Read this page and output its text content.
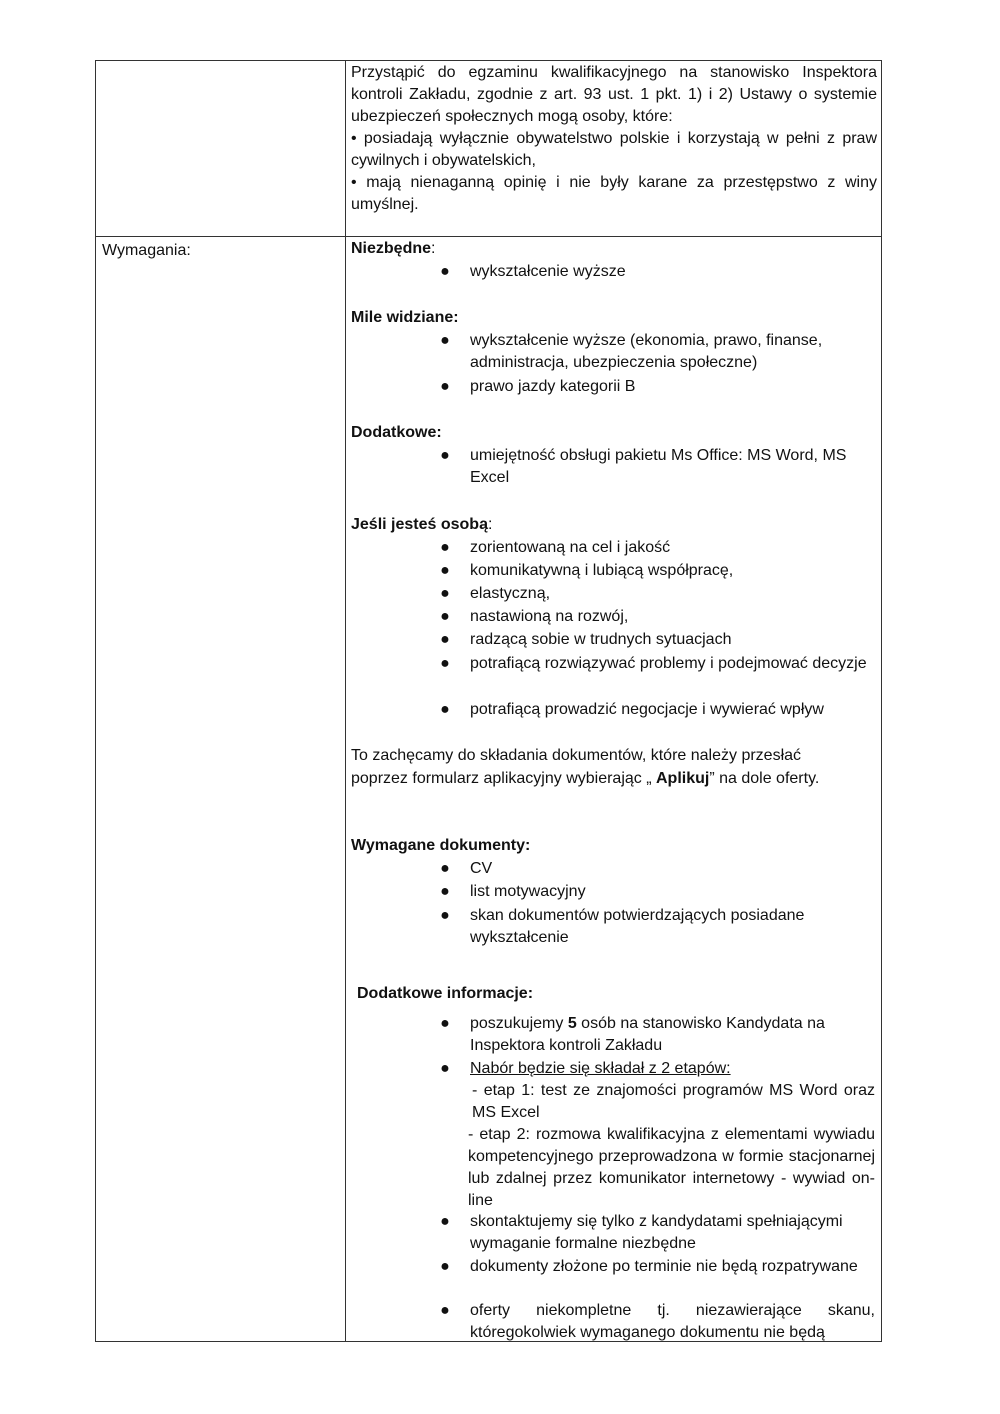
Przystąpić do egzaminu kwalifikacyjnego na stanowisko Inspektora kontroli Zakładu, zgodnie z art. 93 ust. 1 pkt. 1) i 2) Ustawy o systemie ubezpieczeń społecznych mogą osoby, które:
• posiadają wyłącznie obywatelstwo polskie i korzystają w pełni z praw cywilnych i obywatelskich,
• mają nienaganną opinię i nie były karane za przestępstwo z winy umyślnej.
Wymagania:	Niezbędne:
● wykształcenie wyższe
Mile widziane:
● wykształcenie wyższe (ekonomia, prawo, finanse, administracja, ubezpieczenia społeczne)
● prawo jazdy kategorii B
Dodatkowe:
● umiejętność obsługi pakietu Ms Office: MS Word, MS Excel
Jeśli jesteś osobą:
● zorientowaną na cel i jakość
● komunikatywną i lubiącą współpracę,
● elastyczną,
● nastawioną na rozwój,
● radzącą sobie w trudnych sytuacjach
● potrafiącą rozwiązywać problemy i podejmować decyzje
● potrafiącą prowadzić negocjacje i wywierać wpływ
To zachęcamy do składania dokumentów, które należy przesłać
poprzez formularz aplikacyjny wybierając „ Aplikuj” na dole oferty.
Wymagane dokumenty:
● CV
● list motywacyjny
● skan dokumentów potwierdzających posiadane wykształcenie
Dodatkowe informacje:
● poszukujemy 5 osób na stanowisko Kandydata na Inspektora kontroli Zakładu
● Nabór będzie się składał z 2 etapów:
- etap 1: test ze znajomości programów MS Word oraz MS Excel
- etap 2: rozmowa kwalifikacyjna z elementami wywiadu kompetencyjnego przeprowadzona w formie stacjonarnej lub zdalnej przez komunikator internetowy - wywiad on-line
● skontaktujemy się tylko z kandydatami spełniającymi wymaganie formalne niezbędne
● dokumenty złożone po terminie nie będą rozpatrywane
● oferty niekompletne tj. niezawierające skanu, któregokolwiek wymaganego dokumentu nie będą
